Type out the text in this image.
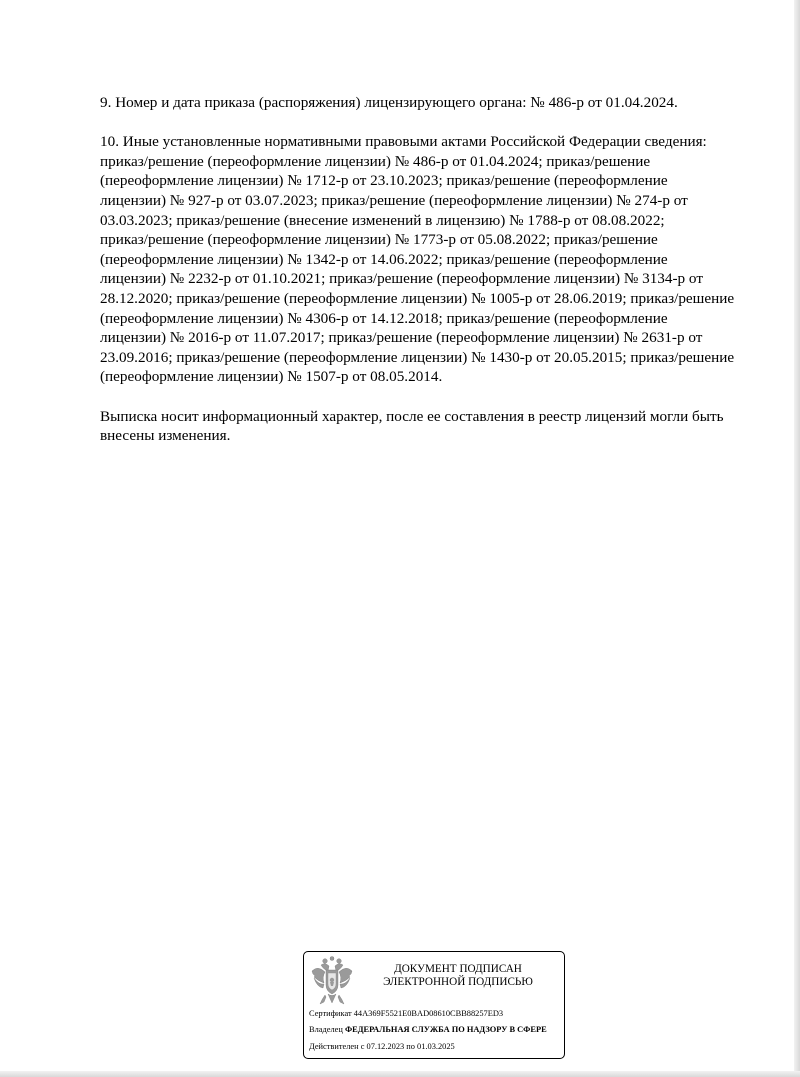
9. Номер и дата приказа (распоряжения) лицензирующего органа: № 486-р от 01.04.2024.

10. Иные установленные нормативными правовыми актами Российской Федерации сведения:
приказ/решение (переоформление лицензии) № 486-р от 01.04.2024; приказ/решение
(переоформление лицензии) № 1712-р от 23.10.2023; приказ/решение (переоформление
лицензии) № 927-р от 03.07.2023; приказ/решение (переоформление лицензии) № 274-р от
03.03.2023; приказ/решение (внесение изменений в лицензию) № 1788-р от 08.08.2022;
приказ/решение (переоформление лицензии) № 1773-р от 05.08.2022; приказ/решение
(переоформление лицензии) № 1342-р от 14.06.2022; приказ/решение (переоформление
лицензии) № 2232-р от 01.10.2021; приказ/решение (переоформление лицензии) № 3134-р от
28.12.2020; приказ/решение (переоформление лицензии) № 1005-р от 28.06.2019; приказ/решение
(переоформление лицензии) № 4306-р от 14.12.2018; приказ/решение (переоформление
лицензии) № 2016-р от 11.07.2017; приказ/решение (переоформление лицензии) № 2631-р от
23.09.2016; приказ/решение (переоформление лицензии) № 1430-р от 20.05.2015; приказ/решение
(переоформление лицензии) № 1507-р от 08.05.2014.

Выписка носит информационный характер, после ее составления в реестр лицензий могли быть
внесены изменения.

ДОКУМЕНТ ПОДПИСАН
ЭЛЕКТРОННОЙ ПОДПИСЬЮ
Сертификат 44A369F5521E0BAD08610CBB88257ED3
Владелец ФЕДЕРАЛЬНАЯ СЛУЖБА ПО НАДЗОРУ В СФЕРЕ
Действителен с 07.12.2023 по 01.03.2025
